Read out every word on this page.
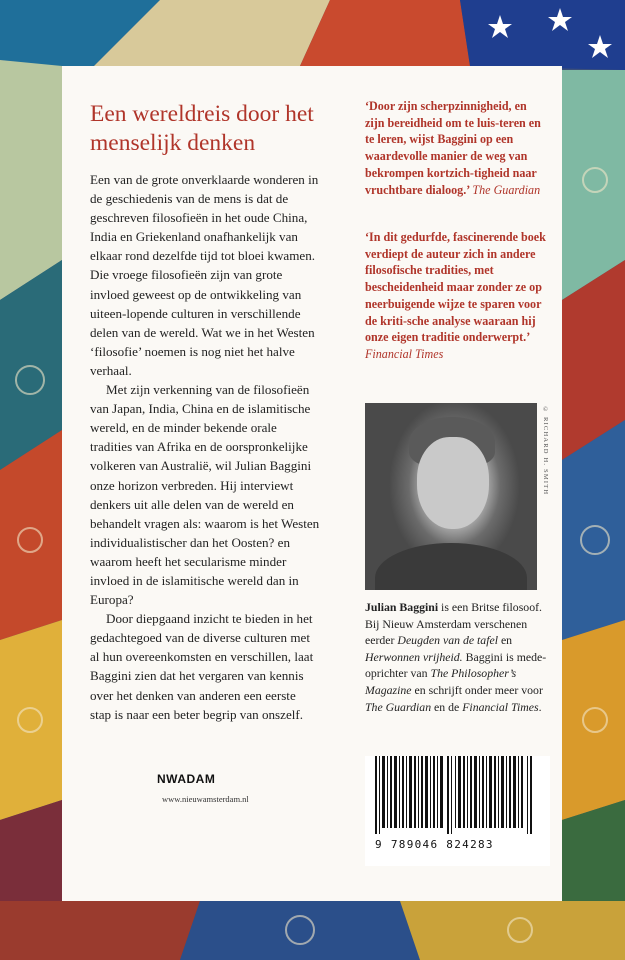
Een wereldreis door het menselijk denken

Een van de grote onverklaarde wonderen in de geschiedenis van de mens is dat de geschreven filosofieën in het oude China, India en Griekenland onafhankelijk van elkaar rond dezelfde tijd tot bloei kwamen. Die vroege filosofieën zijn van grote invloed geweest op de ontwikkeling van uiteen-lopende culturen in verschillende delen van de wereld. Wat we in het Westen ‘filosofie’ noemen is nog niet het halve verhaal.

Met zijn verkenning van de filosofieën van Japan, India, China en de islamitische wereld, en de minder bekende orale tradities van Afrika en de oorspronkelijke volkeren van Australië, wil Julian Baggini onze horizon verbreden. Hij interviewt denkers uit alle delen van de wereld en behandelt vragen als: waarom is het Westen individualistischer dan het Oosten? en waarom heeft het secularisme minder invloed in de islamitische wereld dan in Europa?

Door diepgaand inzicht te bieden in het gedachtegoed van de diverse culturen met al hun overeenkomsten en verschillen, laat Baggini zien dat het vergaren van kennis over het denken van anderen een eerste stap is naar een beter begrip van onszelf.

‘Door zijn scherpzinnigheid, en zijn bereidheid om te luis-teren en te leren, wijst Baggini op een waardevolle manier de weg van bekrompen kortzich-tigheid naar vruchtbare dialoog.’ The Guardian
‘In dit gedurfde, fascinerende boek verdiept de auteur zich in andere filosofische tradities, met bescheidenheid maar zonder ze op neerbuigende wijze te sparen voor de kriti-sche analyse waaraan hij onze eigen traditie onderwerpt.’ Financial Times
© RICHARD H. SMITH
Julian Baggini is een Britse filosoof. Bij Nieuw Amsterdam verschenen eerder Deugden van de tafel en Herwonnen vrijheid. Baggini is mede-oprichter van The Philosopher’s Magazine en schrijft onder meer voor The Guardian en de Financial Times.
NWADAM
www.nieuwamsterdam.nl
9 789046 824283
